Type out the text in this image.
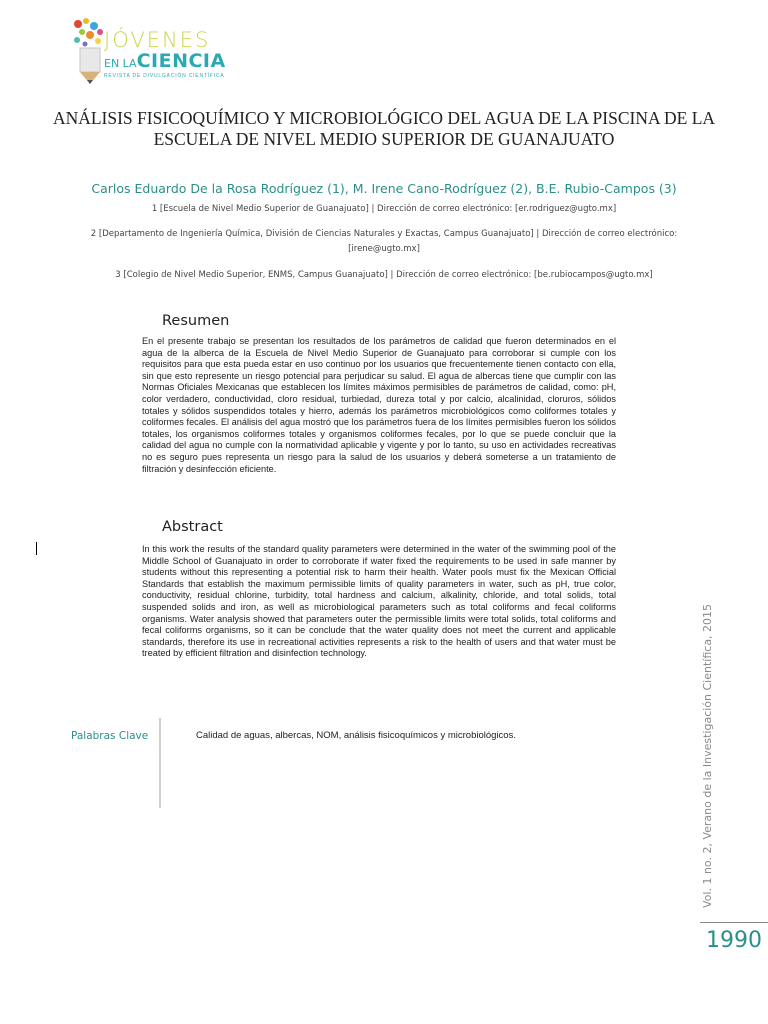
JÓVENES
EN LACIENCIA
REVISTA DE DIVULGACIÓN CIENTÍFICA
ANÁLISIS FISICOQUÍMICO Y MICROBIOLÓGICO DEL AGUA DE LA PISCINA DE LA ESCUELA DE NIVEL MEDIO SUPERIOR DE GUANAJUATO
Carlos Eduardo De la Rosa Rodríguez (1), M. Irene Cano-Rodríguez (2), B.E. Rubio-Campos (3)
1 [Escuela de Nivel Medio Superior de Guanajuato] | Dirección de correo electrónico: [er.rodriguez@ugto.mx]
2 [Departamento de Ingeniería Química, División de Ciencias Naturales y Exactas, Campus Guanajuato] | Dirección de correo electrónico: [irene@ugto.mx]
3 [Colegio de Nivel Medio Superior, ENMS, Campus Guanajuato] | Dirección de correo electrónico: [be.rubiocampos@ugto.mx]
Resumen
En el presente trabajo se presentan los resultados de los parámetros de calidad que fueron determinados en el agua de la alberca de la Escuela de Nivel Medio Superior de Guanajuato para corroborar si cumple con los requisitos para que esta pueda estar en uso continuo por los usuarios que frecuentemente tienen contacto con ella, sin que esto represente un riesgo potencial para perjudicar su salud. El agua de albercas tiene que cumplir con las Normas Oficiales Mexicanas que establecen los límites máximos permisibles de parámetros de calidad, como: pH, color verdadero, conductividad, cloro residual, turbiedad, dureza total y por calcio, alcalinidad, cloruros, sólidos totales y sólidos suspendidos totales y hierro, además los parámetros microbiológicos como coliformes totales y coliformes fecales. El análisis del agua mostró que los parámetros fuera de los límites permisibles fueron los sólidos totales, los organismos coliformes totales y organismos coliformes fecales, por lo que se puede concluir que la calidad del agua no cumple con la normatividad aplicable y vigente y por lo tanto, su uso en actividades recreativas no es seguro pues representa un riesgo para la salud de los usuarios y deberá someterse a un tratamiento de filtración y desinfección eficiente.
Abstract
In this work the results of the standard quality parameters were determined in the water of the swimming pool of the Middle School of Guanajuato in order to corroborate if water fixed the requirements to be used in safe manner by students without this representing a potential risk to harm their health. Water pools must fix the Mexican Official Standards that establish the maximum permissible limits of quality parameters in water, such as pH, true color, conductivity, residual chlorine, turbidity, total hardness and calcium, alkalinity, chloride, and total solids, total suspended solids and iron, as well as microbiological parameters such as total coliforms and fecal coliforms organisms. Water analysis showed that parameters outer the permissible limits were total solids, total coliforms and fecal coliforms organisms, so it can be conclude that the water quality does not meet the current and applicable standards, therefore its use in recreational activities represents a risk to the health of users and that water must be treated by efficient filtration and disinfection technology.
Palabras Clave	Calidad de aguas, albercas, NOM, análisis fisicoquímicos y microbiológicos.	Vol. 1 no. 2, Verano de la Investigación Científica, 2015
1990
